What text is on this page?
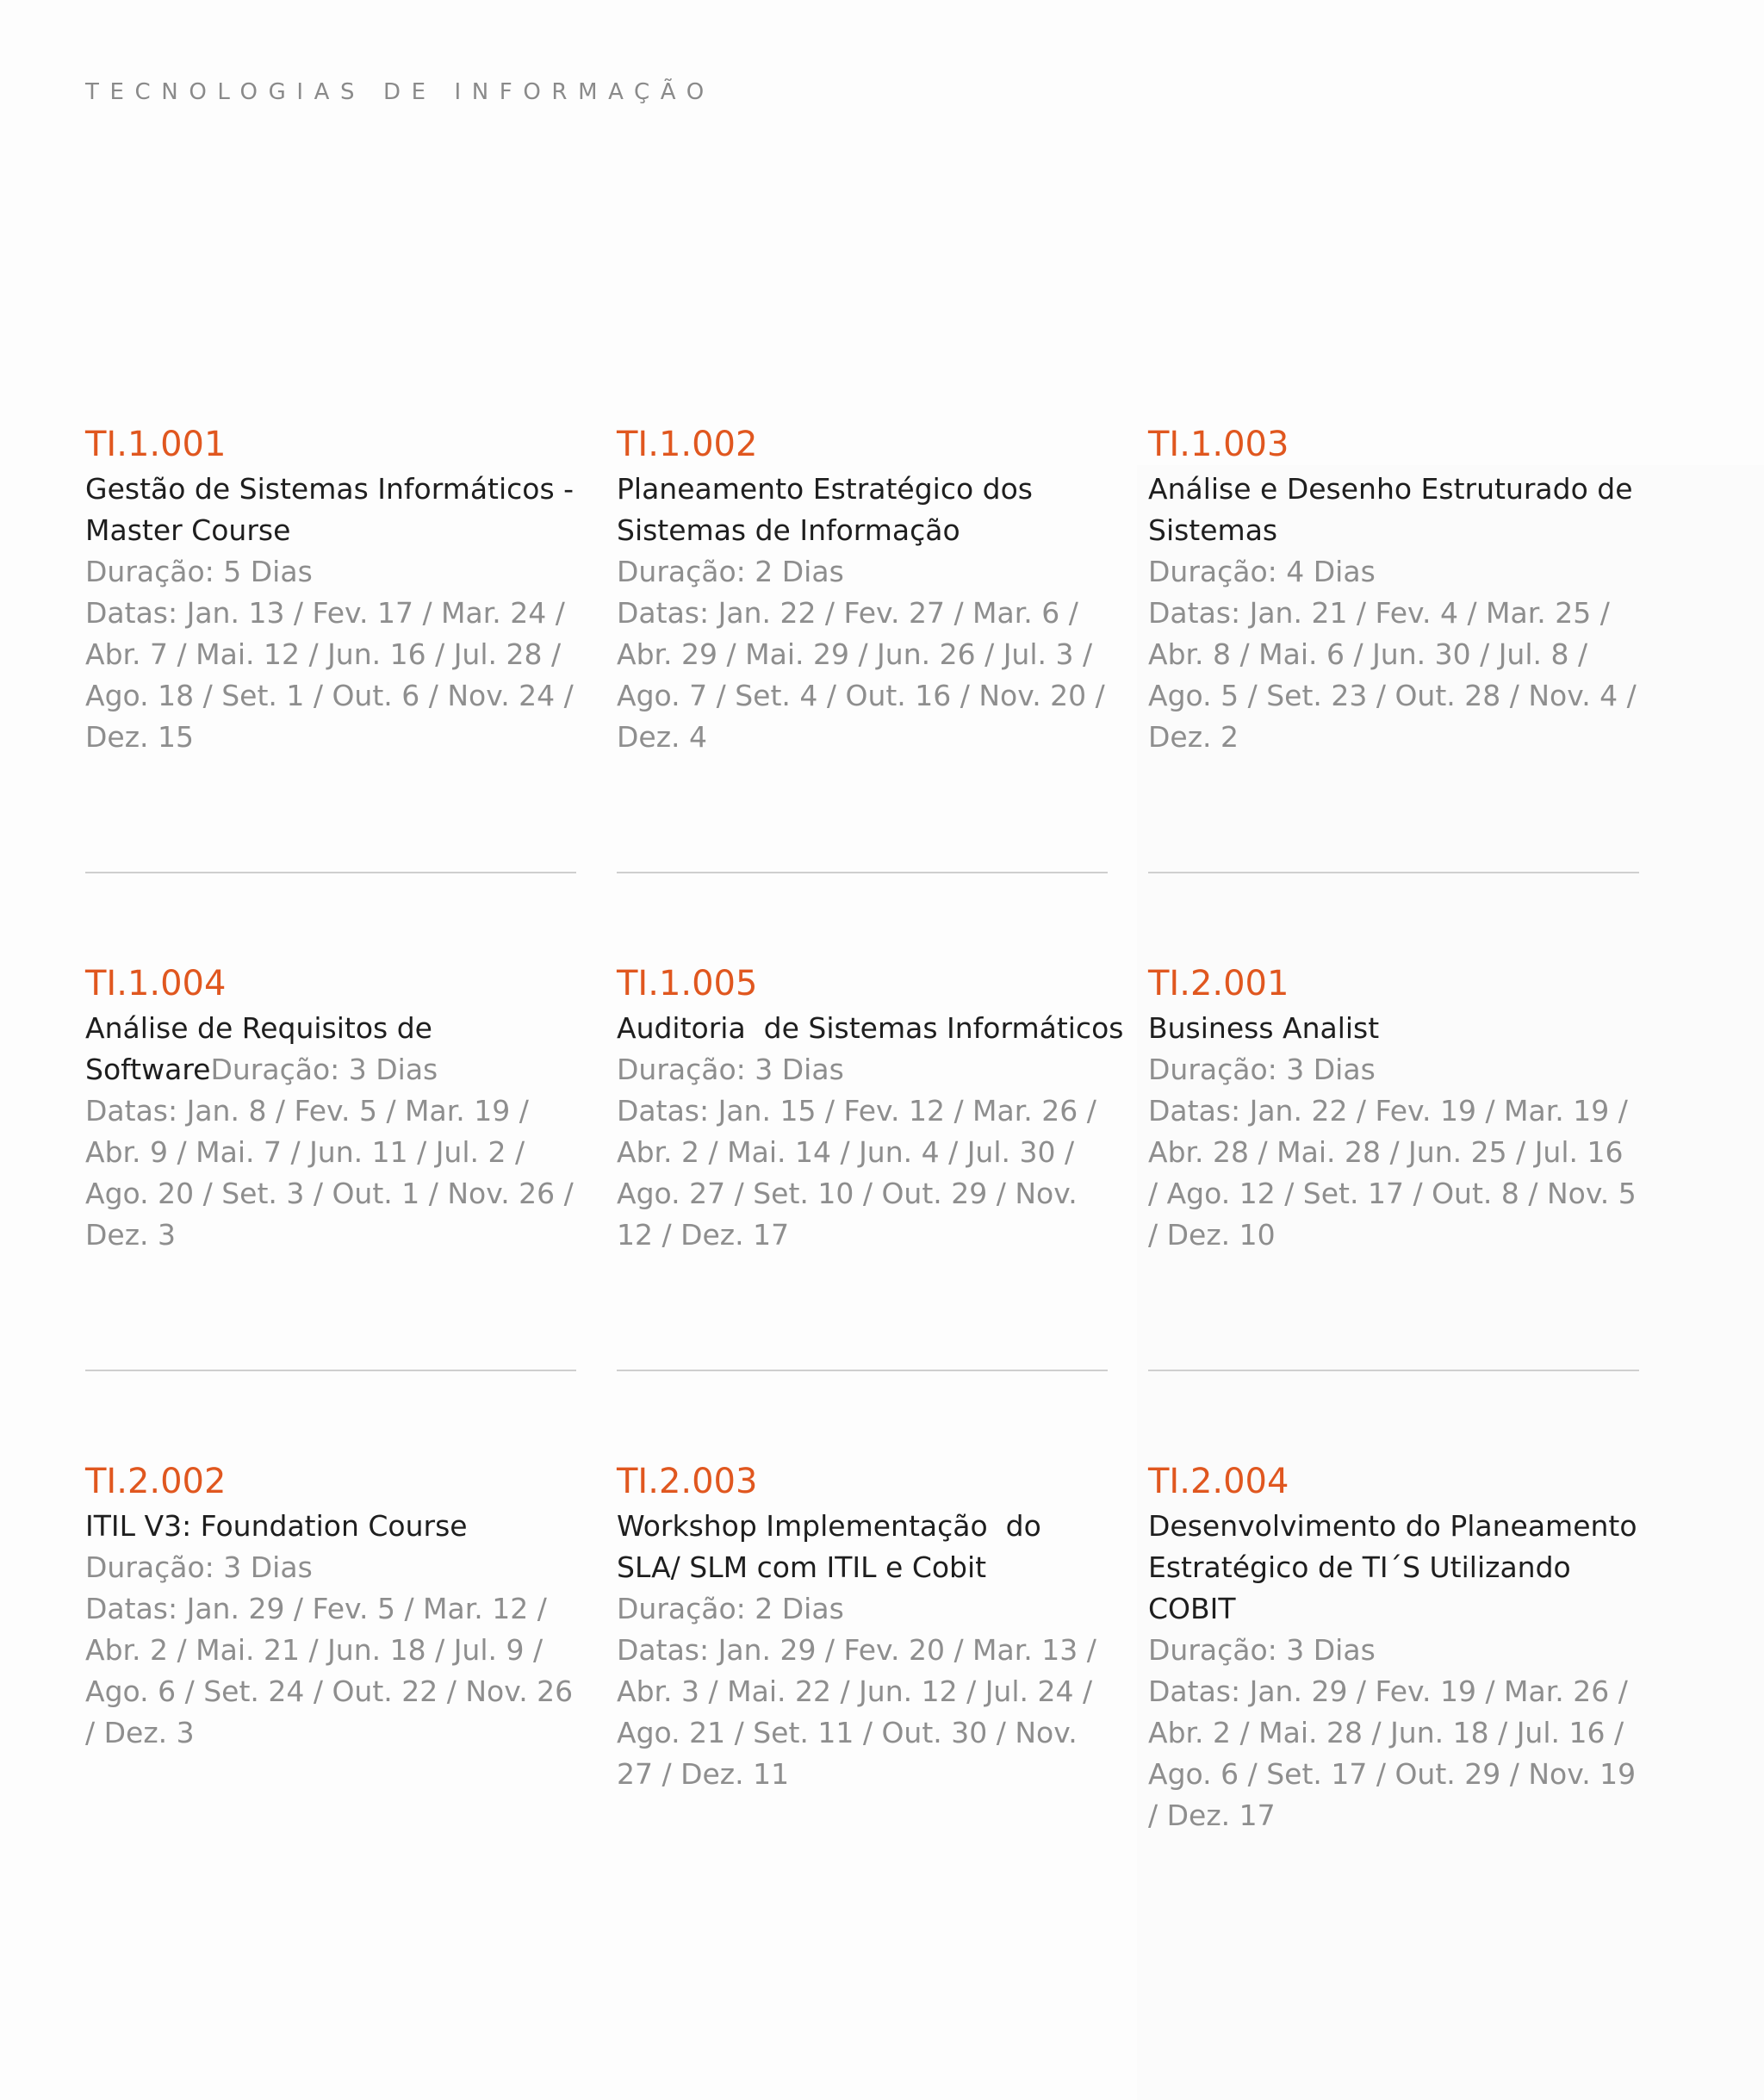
TECNOLOGIAS DE INFORMAÇÃO

TI.1.001

Gestão de Sistemas Informáticos - Master Course

Duração: 5 Dias

Datas: Jan. 13 / Fev. 17 / Mar. 24 / Abr. 7 / Mai. 12 / Jun. 16 / Jul. 28 / Ago. 18 / Set. 1 / Out. 6 / Nov. 24 / Dez. 15

TI.1.002

Planeamento Estratégico dos Sistemas de Informação

Duração: 2 Dias

Datas: Jan. 22 / Fev. 27 / Mar. 6 / Abr. 29 / Mai. 29 / Jun. 26 / Jul. 3 / Ago. 7 / Set. 4 / Out. 16 / Nov. 20 / Dez. 4

TI.1.003

Análise e Desenho Estruturado de Sistemas

Duração: 4 Dias

Datas: Jan. 21 / Fev. 4 / Mar. 25 / Abr. 8 / Mai. 6 / Jun. 30 / Jul. 8 / Ago. 5 / Set. 23 / Out. 28 / Nov. 4 / Dez. 2

TI.1.004

Análise de Requisitos de SoftwareDuração: 3 Dias

Datas: Jan. 8 / Fev. 5 / Mar. 19 / Abr. 9 / Mai. 7 / Jun. 11 / Jul. 2 / Ago. 20 / Set. 3 / Out. 1 / Nov. 26 / Dez. 3

TI.1.005

Auditoria  de Sistemas Informáticos

Duração: 3 Dias

Datas: Jan. 15 / Fev. 12 / Mar. 26 / Abr. 2 / Mai. 14 / Jun. 4 / Jul. 30 / Ago. 27 / Set. 10 / Out. 29 / Nov. 12 / Dez. 17

TI.2.001

Business Analist

Duração: 3 Dias

Datas: Jan. 22 / Fev. 19 / Mar. 19 / Abr. 28 / Mai. 28 / Jun. 25 / Jul. 16 / Ago. 12 / Set. 17 / Out. 8 / Nov. 5 / Dez. 10

TI.2.002

ITIL V3: Foundation Course

Duração: 3 Dias

Datas: Jan. 29 / Fev. 5 / Mar. 12 / Abr. 2 / Mai. 21 / Jun. 18 / Jul. 9 / Ago. 6 / Set. 24 / Out. 22 / Nov. 26 / Dez. 3

TI.2.003

Workshop Implementação  do SLA/ SLM com ITIL e Cobit

Duração: 2 Dias

Datas: Jan. 29 / Fev. 20 / Mar. 13 / Abr. 3 / Mai. 22 / Jun. 12 / Jul. 24 / Ago. 21 / Set. 11 / Out. 30 / Nov. 27 / Dez. 11

TI.2.004

Desenvolvimento do Planeamento Estratégico de TI´S Utilizando COBIT

Duração: 3 Dias

Datas: Jan. 29 / Fev. 19 / Mar. 26 / Abr. 2 / Mai. 28 / Jun. 18 / Jul. 16 / Ago. 6 / Set. 17 / Out. 29 / Nov. 19 / Dez. 17
